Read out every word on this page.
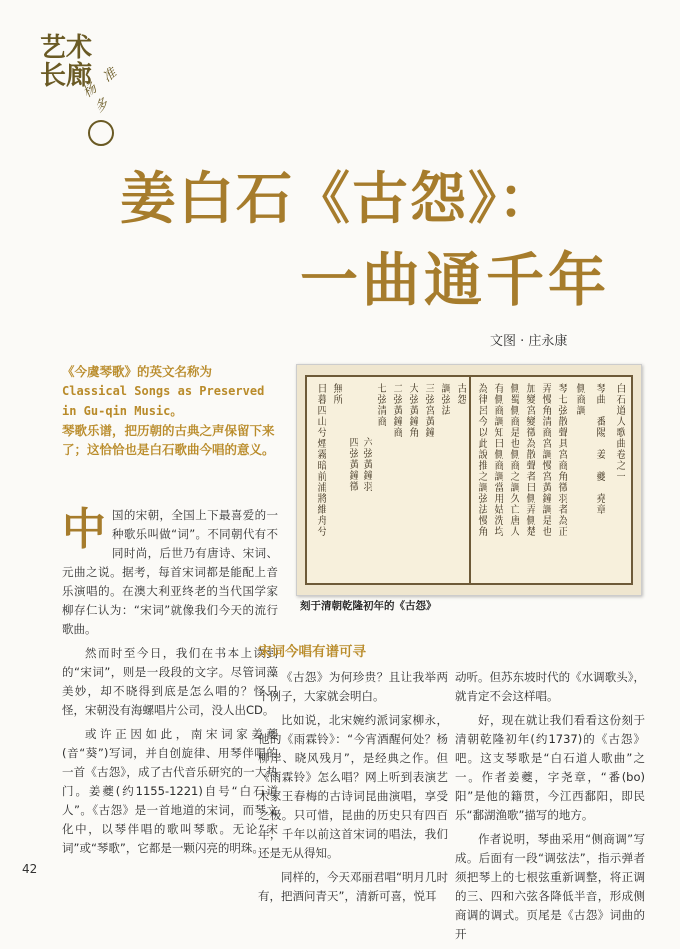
艺术
长廊
杨 准 多
姜白石《古怨》：
一曲通千年
文图 · 庄永康
《今虞琴歌》的英文名称为
Classical Songs as Preserved in Gu-qin Music。
琴歌乐谱，把历朝的古典之声保留下来了；这恰恰也是白石歌曲今唱的意义。	白石道人歌曲卷之一
琴曲　番陽　姜　夔　堯章
側商調
琴七弦散聲具宮商角徵羽者為正
弄慢角清商宮調慢宮黃鐘調是也
加變宮變徵為散聲者曰側弄側楚
側蜀側商是也側商之調久亡唐人
有側商調知曰側商調當用姑洗均
為律呂今以此說推之調弦法慢角
古怨
調弦法
三弦宮黃鐘
大弦黃鐘角
二弦黃鐘商
七弦清商
日暮四山兮煙霧暗前浦將維舟兮 無所
四弦黃鐘徵 六弦黃鐘羽
刻于清朝乾隆初年的《古怨》

中国的宋朝，全国上下最喜爱的一种歌乐叫做“词”。不同朝代有不同时尚，后世乃有唐诗、宋词、元曲之说。据考，每首宋词都是能配上音乐演唱的。在澳大利亚终老的当代国学家柳存仁认为：“宋词”就像我们今天的流行歌曲。

然而时至今日，我们在书本上读到的“宋词”，则是一段段的文字。尽管词藻美妙，却不晓得到底是怎么唱的？怪只怪，宋朝没有海螺唱片公司，没人出CD。

或许正因如此，南宋词家姜夔(音“葵”)写词，并自创旋律、用琴伴唱的一首《古怨》，成了古代音乐研究的一大热门。姜夔(约1155-1221)自号“白石道人”。《古怨》是一首地道的宋词，而琴文化中，以琴伴唱的歌叫琴歌。无论“宋词”或“琴歌”，它都是一颗闪亮的明珠。

宋词今唱有谱可寻

《古怨》为何珍贵？且让我举两个例子，大家就会明白。

比如说，北宋婉约派词家柳永，他的《雨霖铃》：“今宵酒醒何处？杨柳岸、晓风残月”，是经典之作。但《雨霖铃》怎么唱？网上听到表演艺术家王春梅的古诗词昆曲演唱，享受之极。只可惜，昆曲的历史只有四百年，千年以前这首宋词的唱法，我们还是无从得知。

同样的，今天邓丽君唱“明月几时有，把酒问青天”，清新可喜，悦耳

动听。但苏东坡时代的《水调歌头》，就肯定不会这样唱。

好，现在就让我们看看这份刻于清朝乾隆初年(约1737)的《古怨》吧。这支琴歌是“白石道人歌曲”之一。作者姜夔，字尧章，“番(bo)阳”是他的籍贯，今江西鄱阳，即民乐“鄱湖渔歌”描写的地方。

作者说明，琴曲采用“侧商调”写成。后面有一段“调弦法”，指示弹者须把琴上的七根弦重新调整，将正调的三、四和六弦各降低半音，形成侧商调的调式。页尾是《古怨》词曲的开

42
